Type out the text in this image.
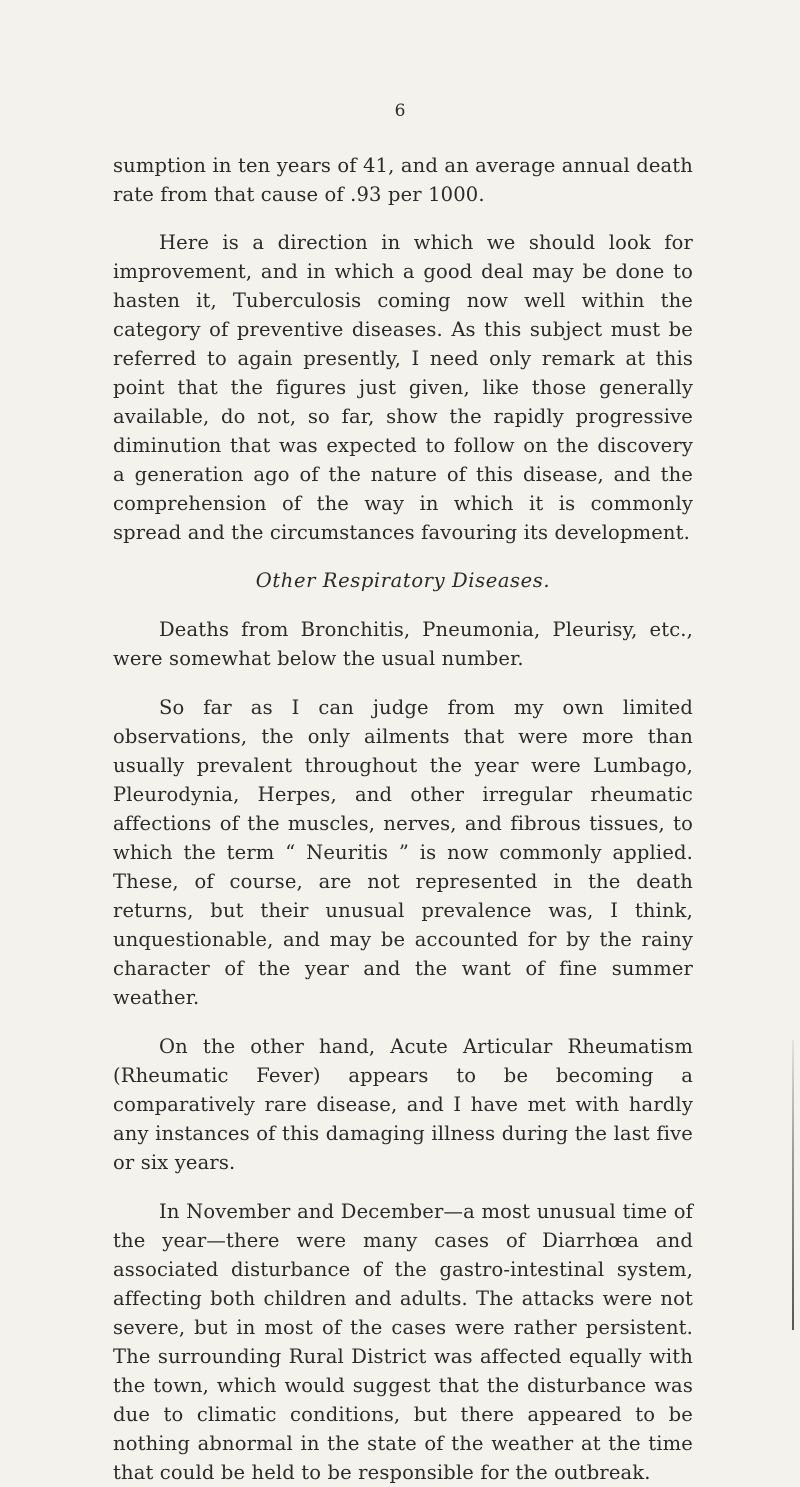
6

sumption in ten years of 41, and an average annual death rate from that cause of .93 per 1000.

Here is a direction in which we should look for improvement, and in which a good deal may be done to hasten it, Tuberculosis coming now well within the category of preventive diseases. As this subject must be referred to again presently, I need only remark at this point that the figures just given, like those generally available, do not, so far, show the rapidly progressive diminution that was expected to follow on the discovery a generation ago of the nature of this disease, and the comprehension of the way in which it is commonly spread and the circumstances favouring its development.

Other Respiratory Diseases.

Deaths from Bronchitis, Pneumonia, Pleurisy, etc., were somewhat below the usual number.

So far as I can judge from my own limited observations, the only ailments that were more than usually prevalent throughout the year were Lumbago, Pleurodynia, Herpes, and other irregular rheumatic affections of the muscles, nerves, and fibrous tissues, to which the term “ Neuritis ” is now commonly applied. These, of course, are not represented in the death returns, but their unusual prevalence was, I think, unquestionable, and may be accounted for by the rainy character of the year and the want of fine summer weather.

On the other hand, Acute Articular Rheumatism (Rheumatic Fever) appears to be becoming a comparatively rare disease, and I have met with hardly any instances of this damaging illness during the last five or six years.

In November and December—a most unusual time of the year—there were many cases of Diarrhœa and associated disturbance of the gastro-intestinal system, affecting both children and adults. The attacks were not severe, but in most of the cases were rather persistent. The surrounding Rural District was affected equally with the town, which would suggest that the disturbance was due to climatic conditions, but there appeared to be nothing abnormal in the state of the weather at the time that could be held to be responsible for the outbreak.
